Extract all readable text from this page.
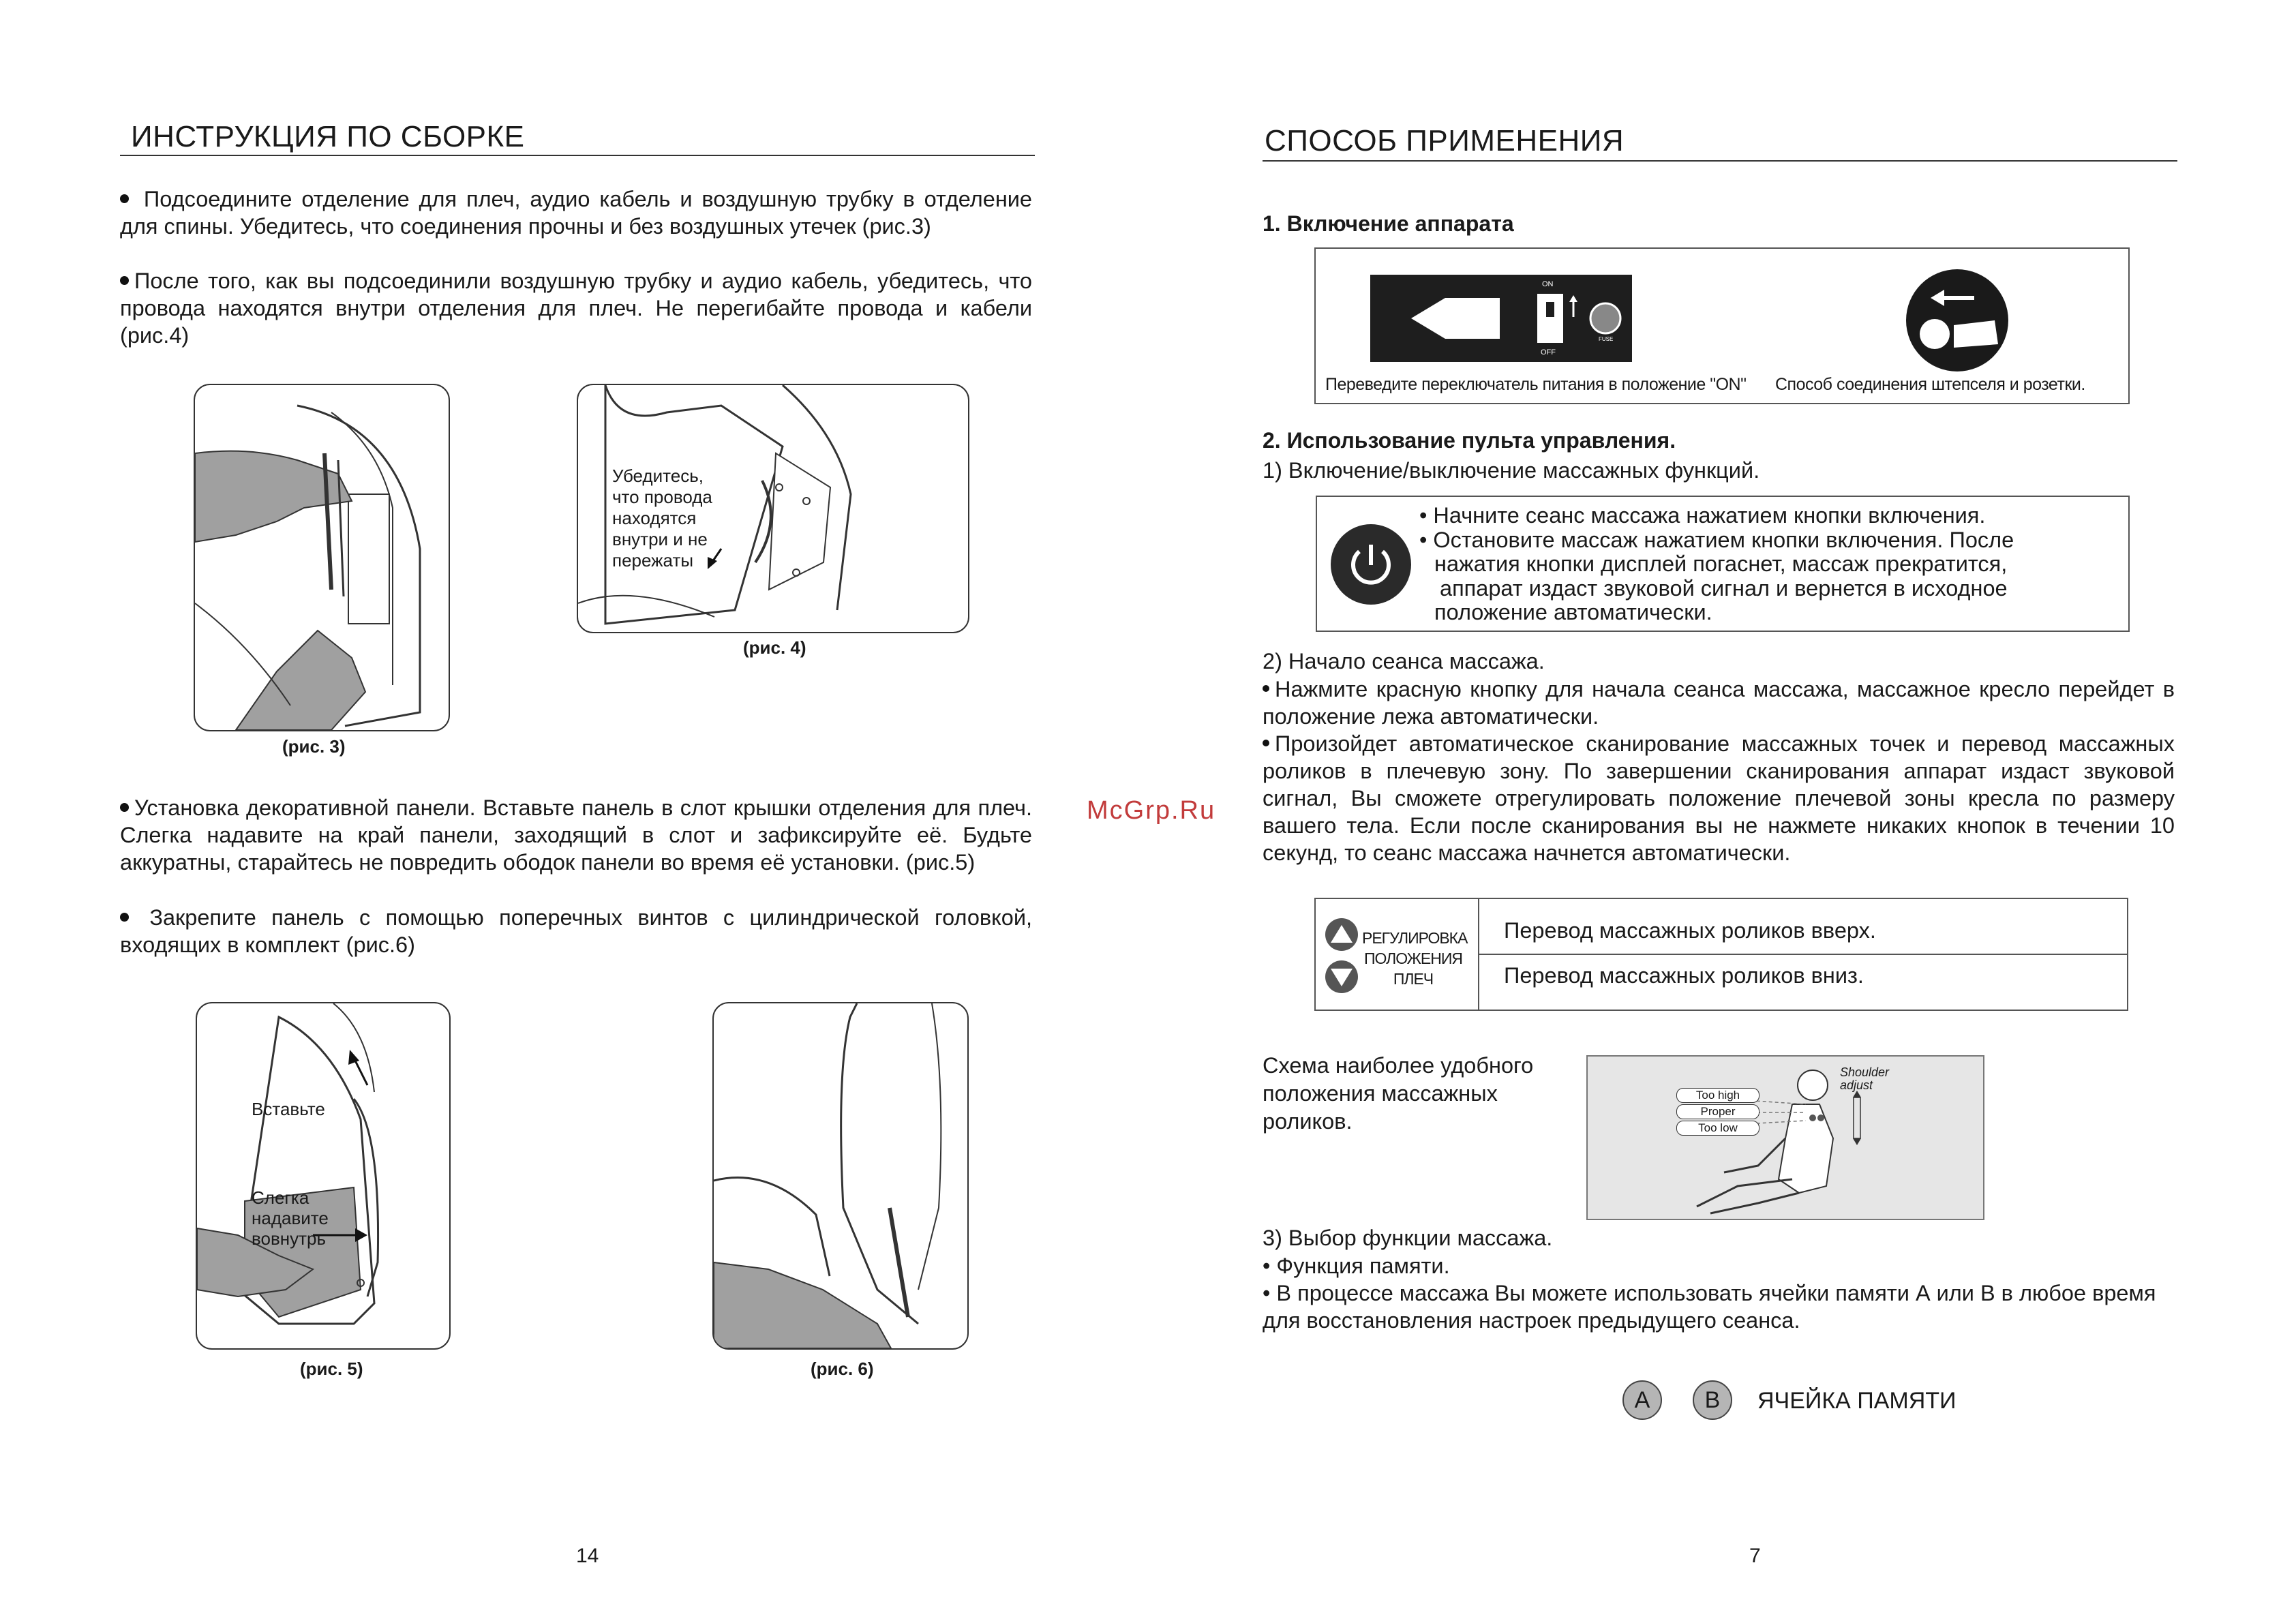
ИНСТРУКЦИЯ ПО СБОРКЕ
Подсоедините отделение для плеч, аудио кабель и воздушную трубку в отделение для спины. Убедитесь, что соединения прочны и без воздушных утечек (рис.3)
После того, как вы подсоединили воздушную трубку и аудио кабель, убедитесь, что провода находятся внутри отделения для плеч. Не перегибайте провода и кабели (рис.4)
(рис. 3)
Убедитесь,
что провода
находятся
внутри и не
пережаты
(рис. 4)
Установка декоративной панели. Вставьте панель в слот крышки отделения для плеч. Слегка надавите на край панели, заходящий в слот и зафиксируйте её. Будьте аккуратны, старайтесь не повредить ободок панели во время её установки. (рис.5)
Закрепите панель с помощью поперечных винтов с цилиндрической головкой, входящих в комплект (рис.6)
Вставьте
Слегка
надавите
вовнутрь
(рис. 5)	(рис. 6)
14
McGrp.Ru
СПОСОБ ПРИМЕНЕНИЯ
1. Включение аппарата
ON
OFF
FUSE
Переведите переключатель питания в положение "ON" Способ соединения штепселя и розетки.
2. Использование пульта управления.
1) Включение/выключение массажных функций.
• Начните сеанс массажа нажатием кнопки включения.
• Остановите массаж нажатием кнопки включения. После
нажатия кнопки дисплей погаснет, массаж прекратится,
аппарат издаст звуковой сигнал и вернется в исходное
положение автоматически.
2) Начало сеанса массажа.
Нажмите красную кнопку для начала сеанса массажа, массажное кресло перейдет в положение лежа автоматически.
Произойдет автоматическое сканирование массажных точек и перевод массажных роликов в плечевую зону. По завершении сканирования аппарат издаст звуковой сигнал, Вы сможете отрегулировать положение плечевой зоны кресла по размеру вашего тела. Если после сканирования вы не нажмете никаких кнопок в течении 10 секунд, то сеанс массажа начнется автоматически.
РЕГУЛИРОВКА
ПОЛОЖЕНИЯ
ПЛЕЧ
Перевод массажных роликов вверх.
Перевод массажных роликов вниз.
Схема наиболее удобного
положения массажных
роликов.
Shoulder
adjust
Too high
Proper
Too low
3) Выбор функции массажа.
• Функция памяти.
• В процессе массажа Вы можете использовать ячейки памяти А или В в любое время для восстановления настроек предыдущего сеанса.
A	B	ЯЧЕЙКА ПАМЯТИ
7
